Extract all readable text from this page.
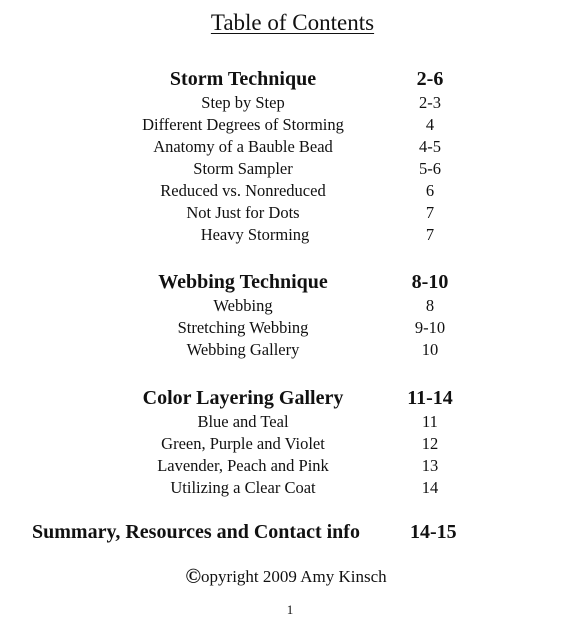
Table of Contents
Storm Technique	2-6
Step by Step	2-3
Different Degrees of Storming	4
Anatomy of a Bauble Bead	4-5
Storm Sampler	5-6
Reduced vs. Nonreduced	6
Not Just for Dots	7
Heavy Storming	7
Webbing Technique	8-10
Webbing	8
Stretching Webbing	9-10
Webbing Gallery	10
Color Layering Gallery	11-14
Blue and Teal	11
Green, Purple and Violet	12
Lavender, Peach and Pink	13
Utilizing a Clear Coat	14
Summary, Resources and Contact info	14-15
©opyright 2009 Amy Kinsch
1
